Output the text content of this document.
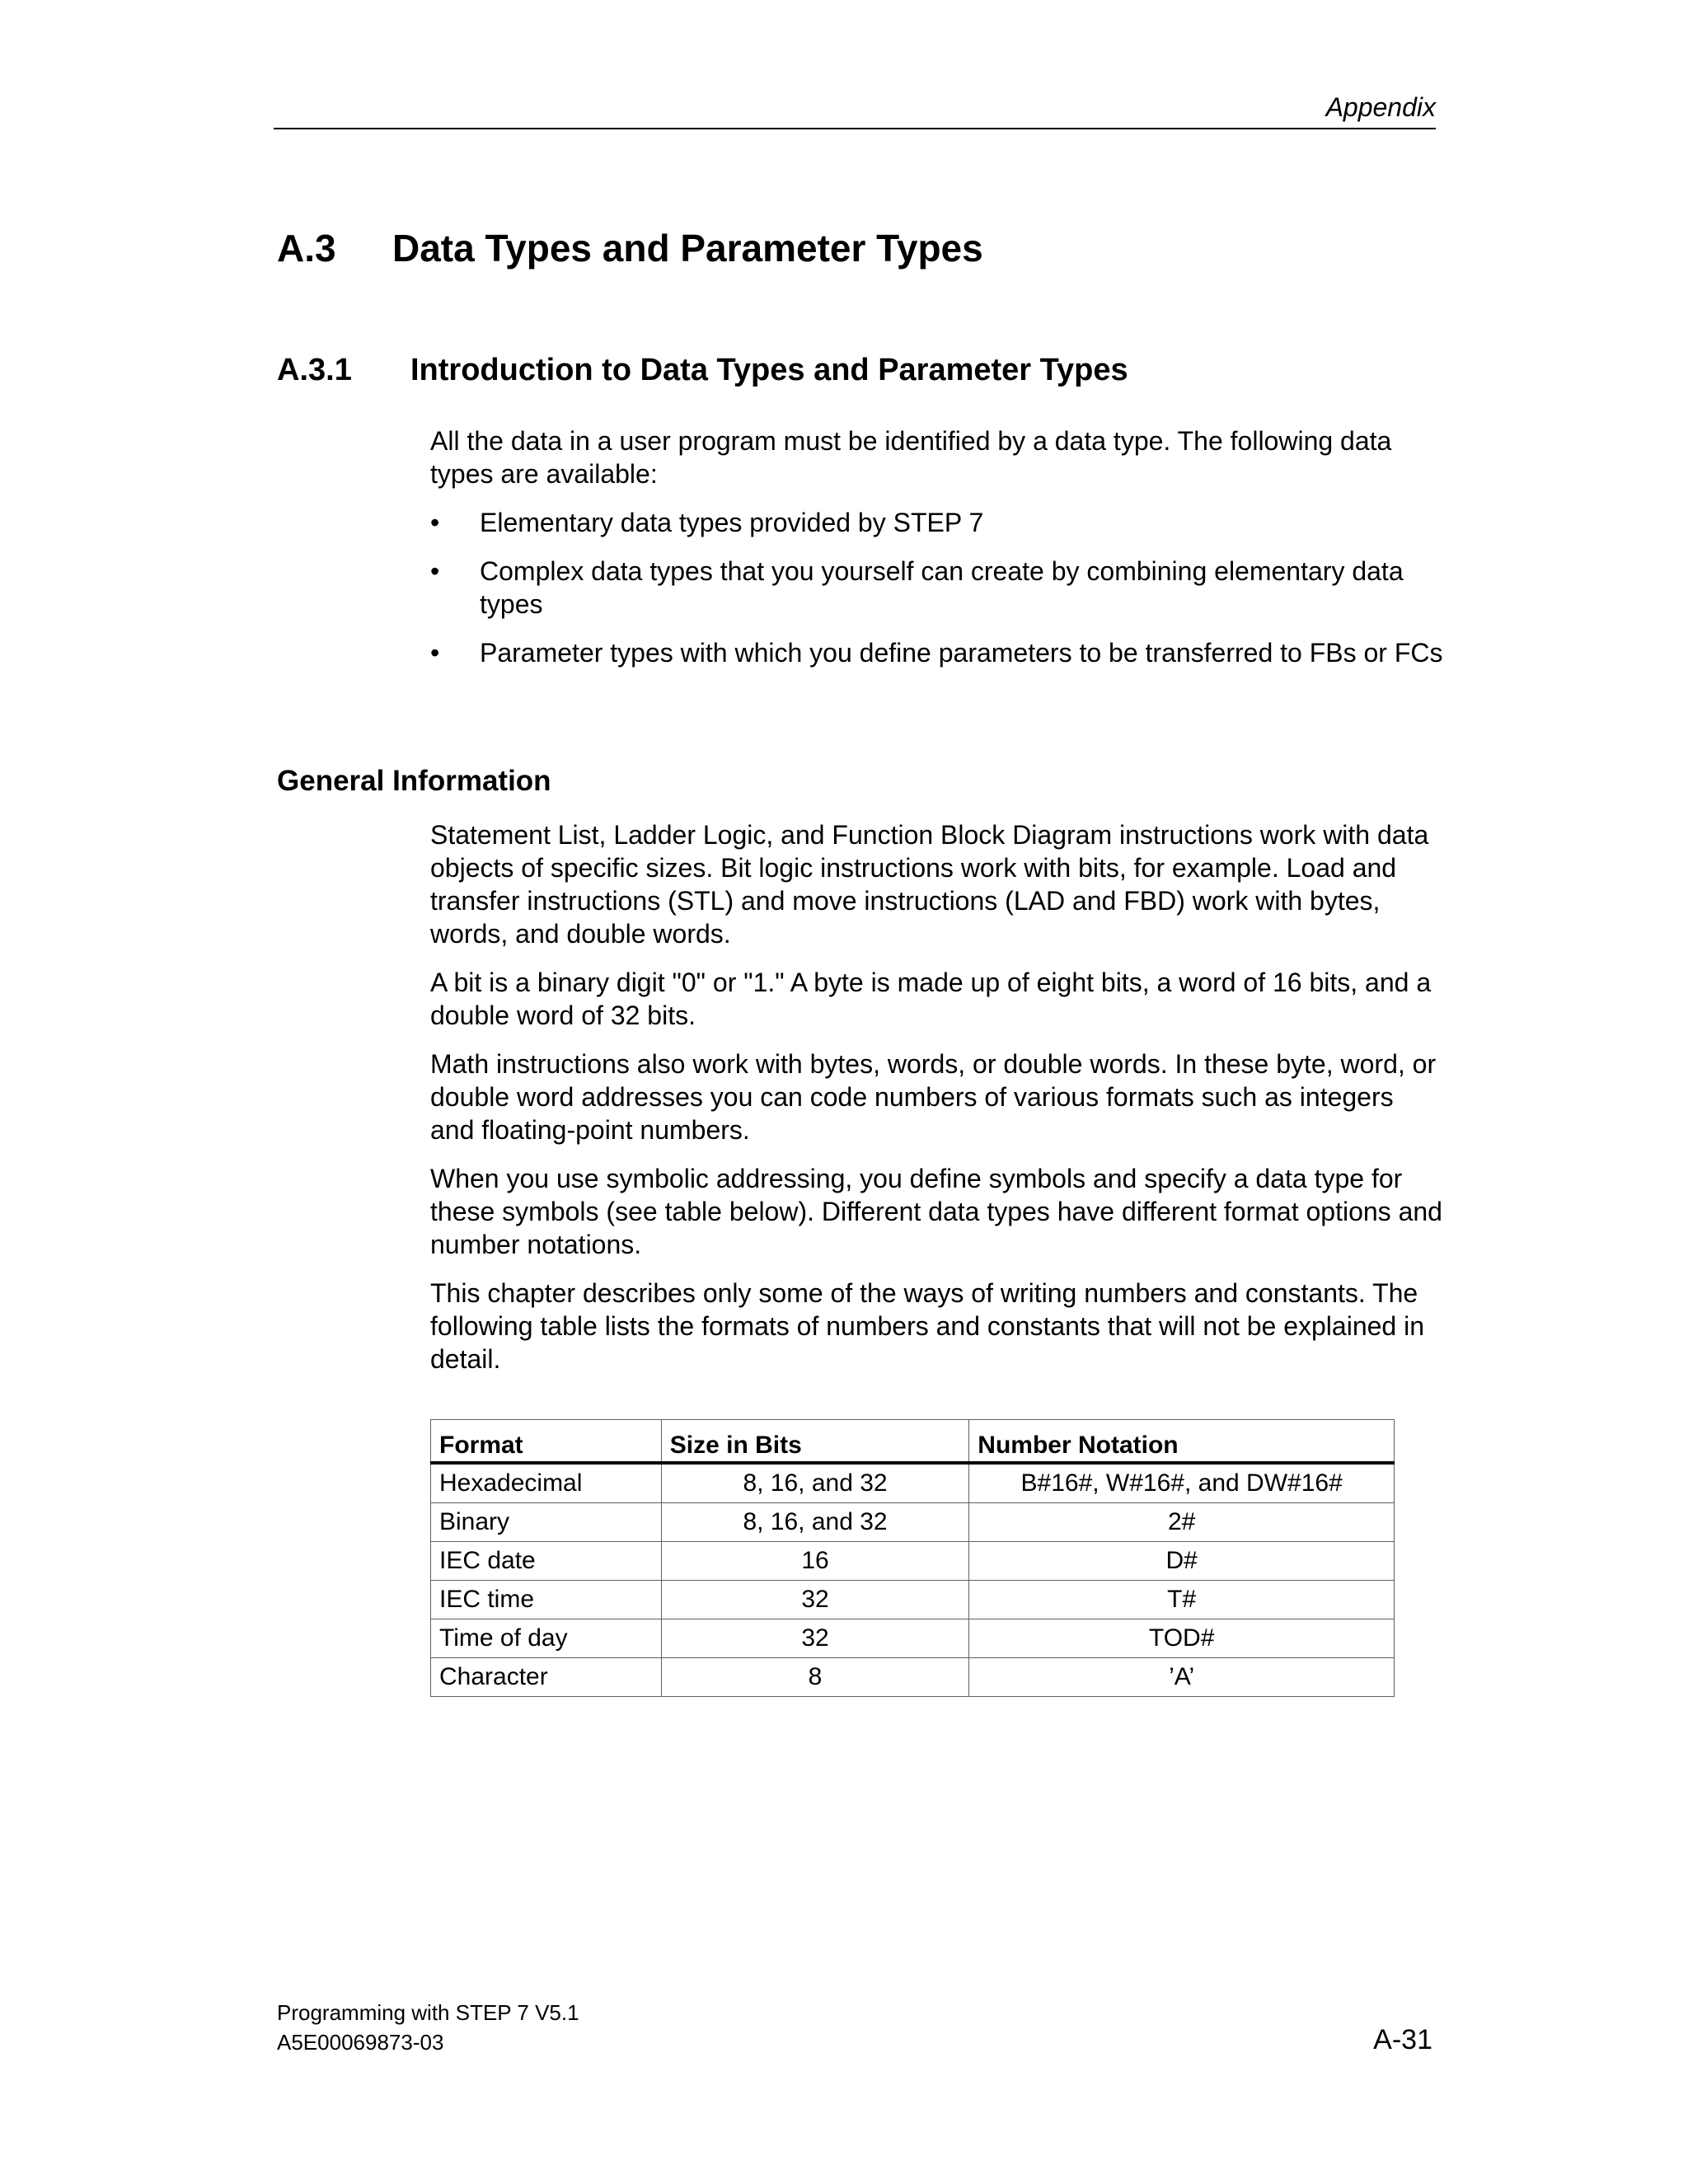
Appendix
A.3 Data Types and Parameter Types
A.3.1 Introduction to Data Types and Parameter Types

All the data in a user program must be identified by a data type. The following data types are available:

•	Elementary data types provided by STEP 7
•	Complex data types that you yourself can create by combining elementary data types
•	Parameter types with which you define parameters to be transferred to FBs or FCs
General Information

Statement List, Ladder Logic, and Function Block Diagram instructions work with data objects of specific sizes. Bit logic instructions work with bits, for example. Load and transfer instructions (STL) and move instructions (LAD and FBD) work with bytes, words, and double words.

A bit is a binary digit "0" or "1." A byte is made up of eight bits, a word of 16 bits, and a double word of 32 bits.

Math instructions also work with bytes, words, or double words. In these byte, word, or double word addresses you can code numbers of various formats such as integers and floating-point numbers.

When you use symbolic addressing, you define symbols and specify a data type for these symbols (see table below). Different data types have different format options and number notations.

This chapter describes only some of the ways of writing numbers and constants. The following table lists the formats of numbers and constants that will not be explained in detail.

Format	Size in Bits	Number Notation
Hexadecimal	8, 16, and 32	B#16#, W#16#, and DW#16#
Binary	8, 16, and 32	2#
IEC date	16	D#
IEC time	32	T#
Time of day	32	TOD#
Character	8	’A’
Programming with STEP 7 V5.1
A5E00069873-03	A-31
